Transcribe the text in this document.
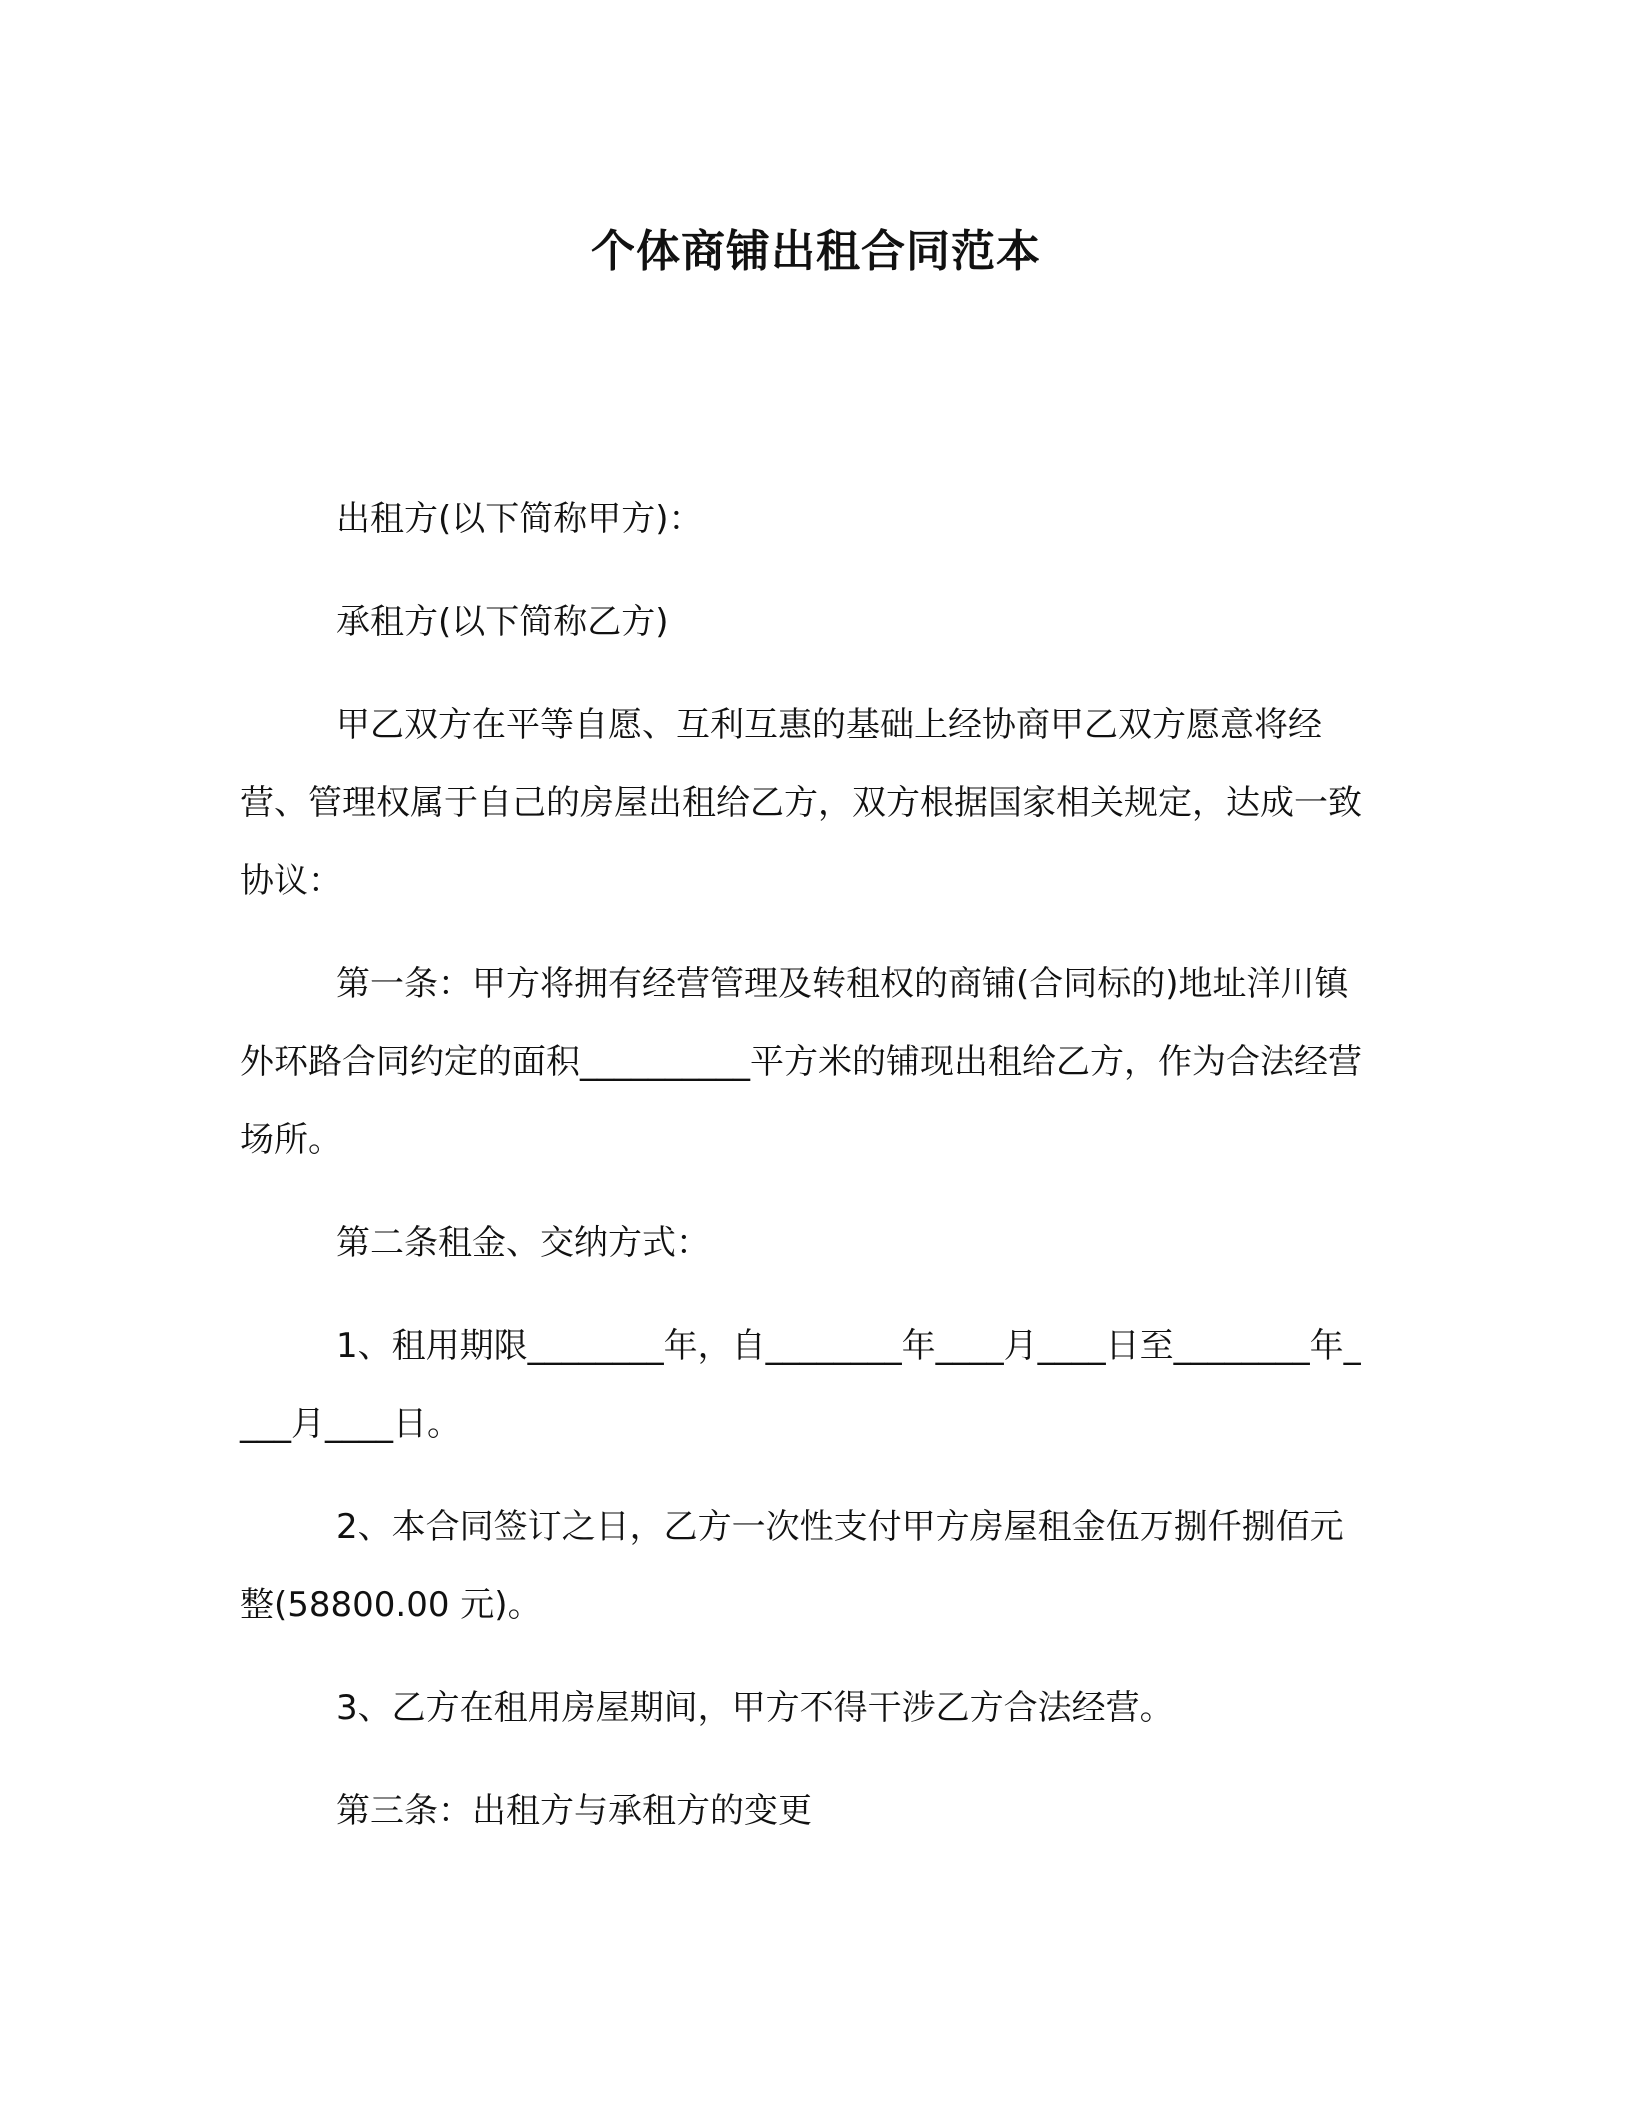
个体商铺出租合同范本

出租方(以下简称甲方)：

承租方(以下简称乙方)

甲乙双方在平等自愿、互利互惠的基础上经协商甲乙双方愿意将经营、管理权属于自己的房屋出租给乙方，双方根据国家相关规定，达成一致协议：

第一条：甲方将拥有经营管理及转租权的商铺(合同标的)地址洋川镇外环路合同约定的面积__________平方米的铺现出租给乙方，作为合法经营场所。

第二条租金、交纳方式：

1、租用期限________年，自________年____月____日至________年____月____日。

2、本合同签订之日，乙方一次性支付甲方房屋租金伍万捌仟捌佰元整(58800.00 元)。

3、乙方在租用房屋期间，甲方不得干涉乙方合法经营。

第三条：出租方与承租方的变更
